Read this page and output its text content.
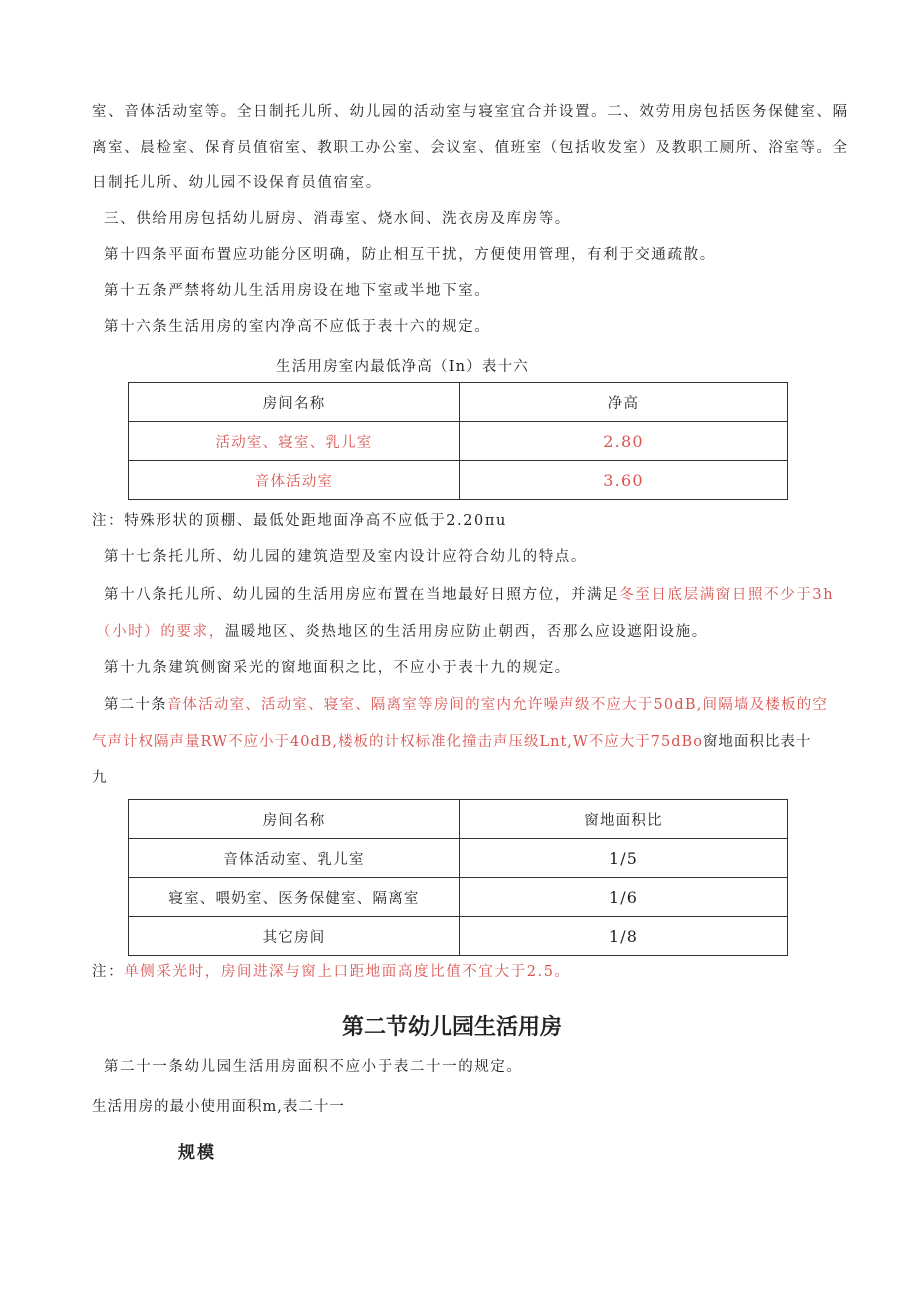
室、音体活动室等。全日制托儿所、幼儿园的活动室与寝室宜合并设置。二、效劳用房包括医务保健室、隔
离室、晨检室、保育员值宿室、教职工办公室、会议室、值班室（包括收发室）及教职工厕所、浴室等。全
日制托儿所、幼儿园不设保育员值宿室。
三、供给用房包括幼儿厨房、消毒室、烧水间、洗衣房及库房等。
第十四条平面布置应功能分区明确，防止相互干扰，方便使用管理，有利于交通疏散。
第十五条严禁将幼儿生活用房设在地下室或半地下室。
第十六条生活用房的室内净高不应低于表十六的规定。
生活用房室内最低净高（In）表十六
房间名称	净高
活动室、寝室、乳儿室	2.80
音体活动室	3.60
注：特殊形状的顶棚、最低处距地面净高不应低于2.20πu
第十七条托儿所、幼儿园的建筑造型及室内设计应符合幼儿的特点。
第十八条托儿所、幼儿园的生活用房应布置在当地最好日照方位，并满足冬至日底层满窗日照不少于3h
（小时）的要求，温暖地区、炎热地区的生活用房应防止朝西，否那么应设遮阳设施。
第十九条建筑侧窗采光的窗地面积之比，不应小于表十九的规定。
第二十条音体活动室、活动室、寝室、隔离室等房间的室内允许噪声级不应大于50dB,间隔墙及楼板的空
气声计权隔声量RW不应小于40dB,楼板的计权标准化撞击声压级Lnt,W不应大于75dBo窗地面积比表十
九
房间名称	窗地面积比
音体活动室、乳儿室	1/5
寝室、喂奶室、医务保健室、隔离室	1/6
其它房间	1/8
注：单侧采光时，房间进深与窗上口距地面高度比值不宜大于2.5。
第二节幼儿园生活用房
第二十一条幼儿园生活用房面积不应小于表二十一的规定。
生活用房的最小使用面积m,表二十一
规模
